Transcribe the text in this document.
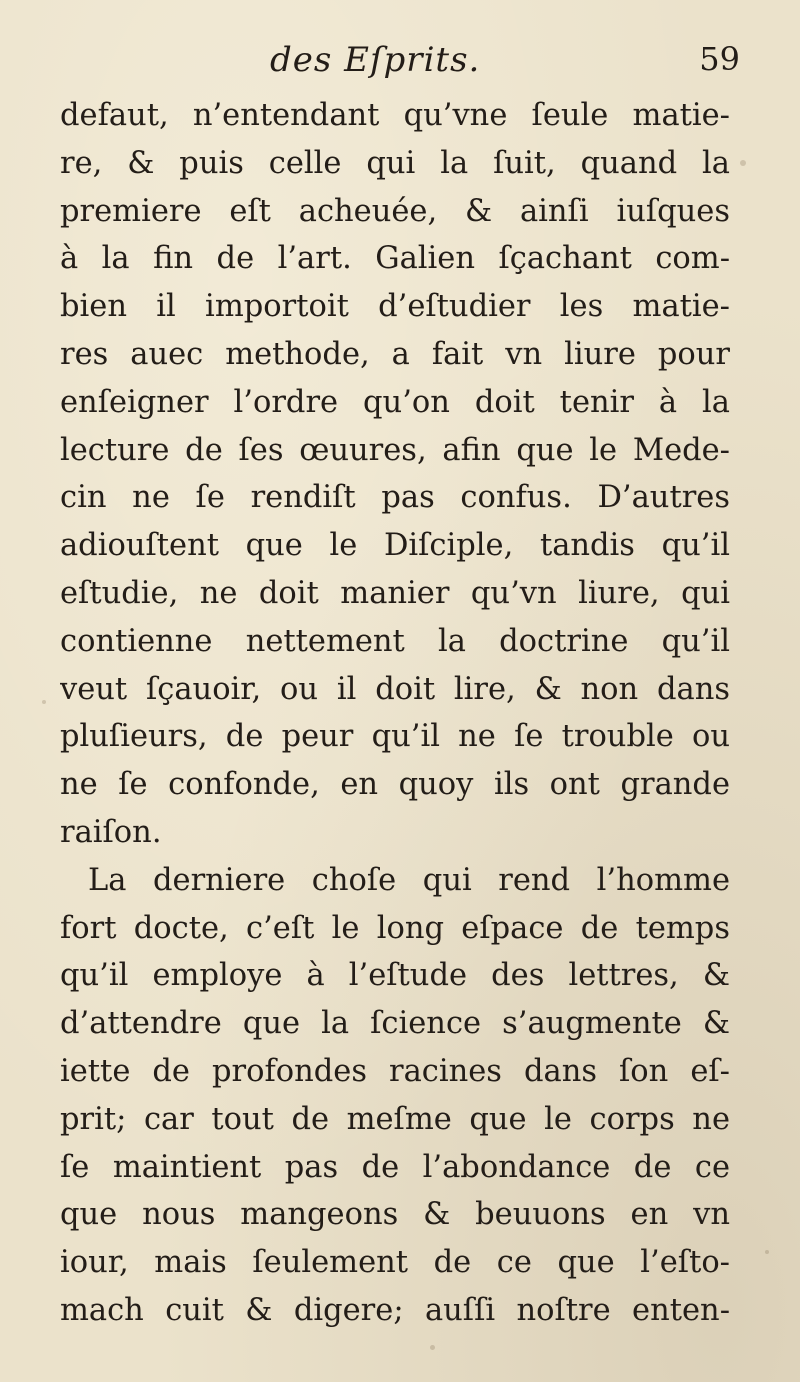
des Eſprits.	59
defaut, n’entendant qu’vne ſeule matie-
re, & puis celle qui la ſuit, quand la
premiere eſt acheuée, & ainſi iuſques
à la fin de l’art. Galien ſçachant com-
bien il importoit d’eſtudier les matie-
res auec methode, a fait vn liure pour
enſeigner l’ordre qu’on doit tenir à la
lecture de ſes œuures, afin que le Mede-
cin ne ſe rendiſt pas confus. D’autres
adiouſtent que le Diſciple, tandis qu’il
eſtudie, ne doit manier qu’vn liure, qui
contienne nettement la doctrine qu’il
veut ſçauoir, ou il doit lire, & non dans
pluſieurs, de peur qu’il ne ſe trouble ou
ne ſe confonde, en quoy ils ont grande
raiſon.
La derniere choſe qui rend l’homme
fort docte, c’eſt le long eſpace de temps
qu’il employe à l’eſtude des lettres, &
d’attendre que la ſcience s’augmente &
iette de profondes racines dans ſon eſ-
prit; car tout de meſme que le corps ne
ſe maintient pas de l’abondance de ce
que nous mangeons & beuuons en vn
iour, mais ſeulement de ce que l’eſto-
mach cuit & digere; auſſi noſtre enten-
